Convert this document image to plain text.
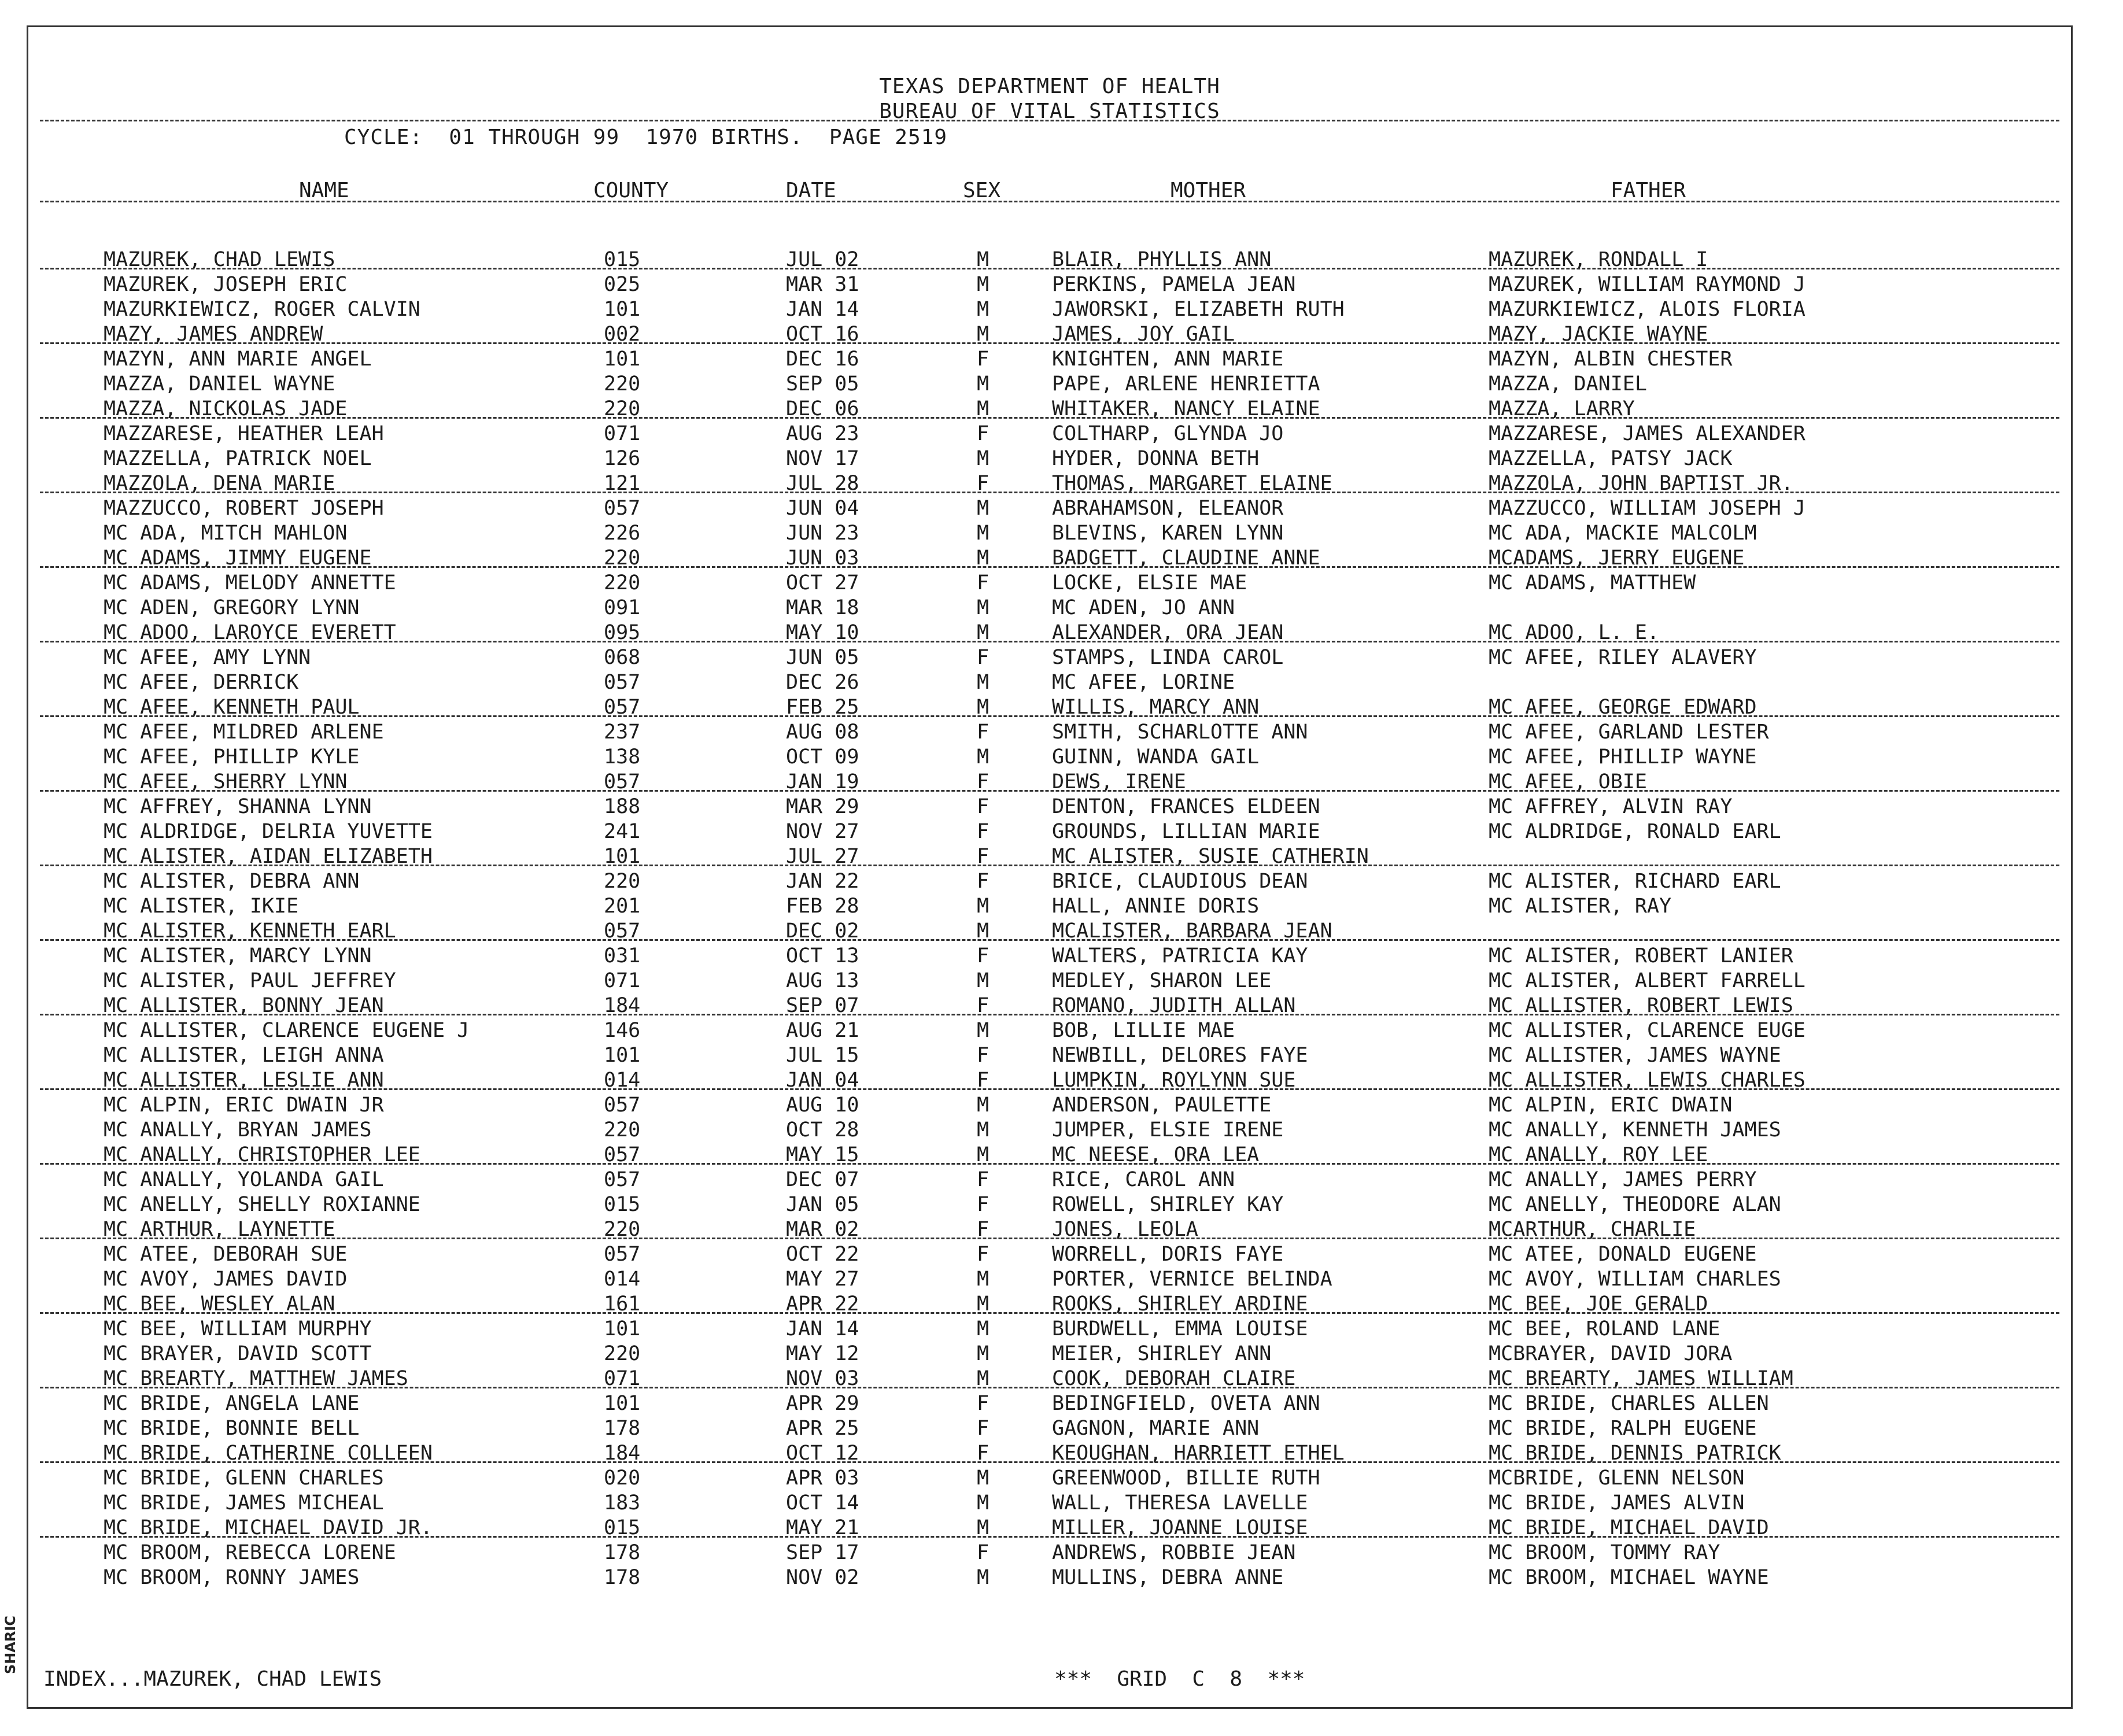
TEXAS DEPARTMENT OF HEALTH
BUREAU OF VITAL STATISTICS
CYCLE:  01 THROUGH 99  1970 BIRTHS.  PAGE 2519
NAME	COUNTY	DATE	SEX	MOTHER	FATHER
MAZUREK, CHAD LEWIS	015	JUL 02	M	BLAIR, PHYLLIS ANN	MAZUREK, RONDALL I
MAZUREK, JOSEPH ERIC	025	MAR 31	M	PERKINS, PAMELA JEAN	MAZUREK, WILLIAM RAYMOND J
MAZURKIEWICZ, ROGER CALVIN	101	JAN 14	M	JAWORSKI, ELIZABETH RUTH	MAZURKIEWICZ, ALOIS FLORIA
MAZY, JAMES ANDREW	002	OCT 16	M	JAMES, JOY GAIL	MAZY, JACKIE WAYNE
MAZYN, ANN MARIE ANGEL	101	DEC 16	F	KNIGHTEN, ANN MARIE	MAZYN, ALBIN CHESTER
MAZZA, DANIEL WAYNE	220	SEP 05	M	PAPE, ARLENE HENRIETTA	MAZZA, DANIEL
MAZZA, NICKOLAS JADE	220	DEC 06	M	WHITAKER, NANCY ELAINE	MAZZA, LARRY
MAZZARESE, HEATHER LEAH	071	AUG 23	F	COLTHARP, GLYNDA JO	MAZZARESE, JAMES ALEXANDER
MAZZELLA, PATRICK NOEL	126	NOV 17	M	HYDER, DONNA BETH	MAZZELLA, PATSY JACK
MAZZOLA, DENA MARIE	121	JUL 28	F	THOMAS, MARGARET ELAINE	MAZZOLA, JOHN BAPTIST JR.
MAZZUCCO, ROBERT JOSEPH	057	JUN 04	M	ABRAHAMSON, ELEANOR	MAZZUCCO, WILLIAM JOSEPH J
MC ADA, MITCH MAHLON	226	JUN 23	M	BLEVINS, KAREN LYNN	MC ADA, MACKIE MALCOLM
MC ADAMS, JIMMY EUGENE	220	JUN 03	M	BADGETT, CLAUDINE ANNE	MCADAMS, JERRY EUGENE
MC ADAMS, MELODY ANNETTE	220	OCT 27	F	LOCKE, ELSIE MAE	MC ADAMS, MATTHEW
MC ADEN, GREGORY LYNN	091	MAR 18	M	MC ADEN, JO ANN
MC ADOO, LAROYCE EVERETT	095	MAY 10	M	ALEXANDER, ORA JEAN	MC ADOO, L. E.
MC AFEE, AMY LYNN	068	JUN 05	F	STAMPS, LINDA CAROL	MC AFEE, RILEY ALAVERY
MC AFEE, DERRICK	057	DEC 26	M	MC AFEE, LORINE
MC AFEE, KENNETH PAUL	057	FEB 25	M	WILLIS, MARCY ANN	MC AFEE, GEORGE EDWARD
MC AFEE, MILDRED ARLENE	237	AUG 08	F	SMITH, SCHARLOTTE ANN	MC AFEE, GARLAND LESTER
MC AFEE, PHILLIP KYLE	138	OCT 09	M	GUINN, WANDA GAIL	MC AFEE, PHILLIP WAYNE
MC AFEE, SHERRY LYNN	057	JAN 19	F	DEWS, IRENE	MC AFEE, OBIE
MC AFFREY, SHANNA LYNN	188	MAR 29	F	DENTON, FRANCES ELDEEN	MC AFFREY, ALVIN RAY
MC ALDRIDGE, DELRIA YUVETTE	241	NOV 27	F	GROUNDS, LILLIAN MARIE	MC ALDRIDGE, RONALD EARL
MC ALISTER, AIDAN ELIZABETH	101	JUL 27	F	MC ALISTER, SUSIE CATHERIN
MC ALISTER, DEBRA ANN	220	JAN 22	F	BRICE, CLAUDIOUS DEAN	MC ALISTER, RICHARD EARL
MC ALISTER, IKIE	201	FEB 28	M	HALL, ANNIE DORIS	MC ALISTER, RAY
MC ALISTER, KENNETH EARL	057	DEC 02	M	MCALISTER, BARBARA JEAN
MC ALISTER, MARCY LYNN	031	OCT 13	F	WALTERS, PATRICIA KAY	MC ALISTER, ROBERT LANIER
MC ALISTER, PAUL JEFFREY	071	AUG 13	M	MEDLEY, SHARON LEE	MC ALISTER, ALBERT FARRELL
MC ALLISTER, BONNY JEAN	184	SEP 07	F	ROMANO, JUDITH ALLAN	MC ALLISTER, ROBERT LEWIS
MC ALLISTER, CLARENCE EUGENE J	146	AUG 21	M	BOB, LILLIE MAE	MC ALLISTER, CLARENCE EUGE
MC ALLISTER, LEIGH ANNA	101	JUL 15	F	NEWBILL, DELORES FAYE	MC ALLISTER, JAMES WAYNE
MC ALLISTER, LESLIE ANN	014	JAN 04	F	LUMPKIN, ROYLYNN SUE	MC ALLISTER, LEWIS CHARLES
MC ALPIN, ERIC DWAIN JR	057	AUG 10	M	ANDERSON, PAULETTE	MC ALPIN, ERIC DWAIN
MC ANALLY, BRYAN JAMES	220	OCT 28	M	JUMPER, ELSIE IRENE	MC ANALLY, KENNETH JAMES
MC ANALLY, CHRISTOPHER LEE	057	MAY 15	M	MC NEESE, ORA LEA	MC ANALLY, ROY LEE
MC ANALLY, YOLANDA GAIL	057	DEC 07	F	RICE, CAROL ANN	MC ANALLY, JAMES PERRY
MC ANELLY, SHELLY ROXIANNE	015	JAN 05	F	ROWELL, SHIRLEY KAY	MC ANELLY, THEODORE ALAN
MC ARTHUR, LAYNETTE	220	MAR 02	F	JONES, LEOLA	MCARTHUR, CHARLIE
MC ATEE, DEBORAH SUE	057	OCT 22	F	WORRELL, DORIS FAYE	MC ATEE, DONALD EUGENE
MC AVOY, JAMES DAVID	014	MAY 27	M	PORTER, VERNICE BELINDA	MC AVOY, WILLIAM CHARLES
MC BEE, WESLEY ALAN	161	APR 22	M	ROOKS, SHIRLEY ARDINE	MC BEE, JOE GERALD
MC BEE, WILLIAM MURPHY	101	JAN 14	M	BURDWELL, EMMA LOUISE	MC BEE, ROLAND LANE
MC BRAYER, DAVID SCOTT	220	MAY 12	M	MEIER, SHIRLEY ANN	MCBRAYER, DAVID JORA
MC BREARTY, MATTHEW JAMES	071	NOV 03	M	COOK, DEBORAH CLAIRE	MC BREARTY, JAMES WILLIAM
MC BRIDE, ANGELA LANE	101	APR 29	F	BEDINGFIELD, OVETA ANN	MC BRIDE, CHARLES ALLEN
MC BRIDE, BONNIE BELL	178	APR 25	F	GAGNON, MARIE ANN	MC BRIDE, RALPH EUGENE
MC BRIDE, CATHERINE COLLEEN	184	OCT 12	F	KEOUGHAN, HARRIETT ETHEL	MC BRIDE, DENNIS PATRICK
MC BRIDE, GLENN CHARLES	020	APR 03	M	GREENWOOD, BILLIE RUTH	MCBRIDE, GLENN NELSON
MC BRIDE, JAMES MICHEAL	183	OCT 14	M	WALL, THERESA LAVELLE	MC BRIDE, JAMES ALVIN
MC BRIDE, MICHAEL DAVID JR.	015	MAY 21	M	MILLER, JOANNE LOUISE	MC BRIDE, MICHAEL DAVID
MC BROOM, REBECCA LORENE	178	SEP 17	F	ANDREWS, ROBBIE JEAN	MC BROOM, TOMMY RAY
MC BROOM, RONNY JAMES	178	NOV 02	M	MULLINS, DEBRA ANNE	MC BROOM, MICHAEL WAYNE
INDEX...MAZUREK, CHAD LEWIS	***  GRID  C  8  ***
SHARIC
